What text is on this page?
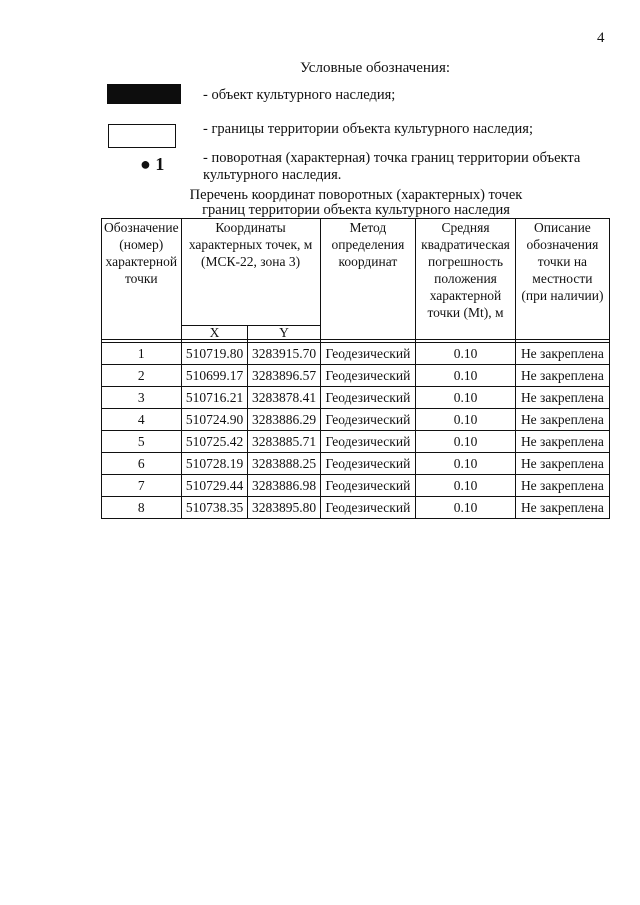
4
Условные обозначения:
- объект культурного наследия;
- границы территории объекта культурного наследия;
● 1	- поворотная (характерная) точка границ территории объекта культурного наследия.
Перечень координат поворотных (характерных) точек
границ территории объекта культурного наследия
Обозначение (номер) характерной точки	Координаты характерных точек, м (МСК-22, зона 3)		Метод определения координат	Средняя квадратическая погрешность положения характерной точки (Mt), м	Описание обозначения точки на местности (при наличии)
	X	Y			

1	510719.80	3283915.70	Геодезический	0.10	Не закреплена
2	510699.17	3283896.57	Геодезический	0.10	Не закреплена
3	510716.21	3283878.41	Геодезический	0.10	Не закреплена
4	510724.90	3283886.29	Геодезический	0.10	Не закреплена
5	510725.42	3283885.71	Геодезический	0.10	Не закреплена
6	510728.19	3283888.25	Геодезический	0.10	Не закреплена
7	510729.44	3283886.98	Геодезический	0.10	Не закреплена
8	510738.35	3283895.80	Геодезический	0.10	Не закреплена
